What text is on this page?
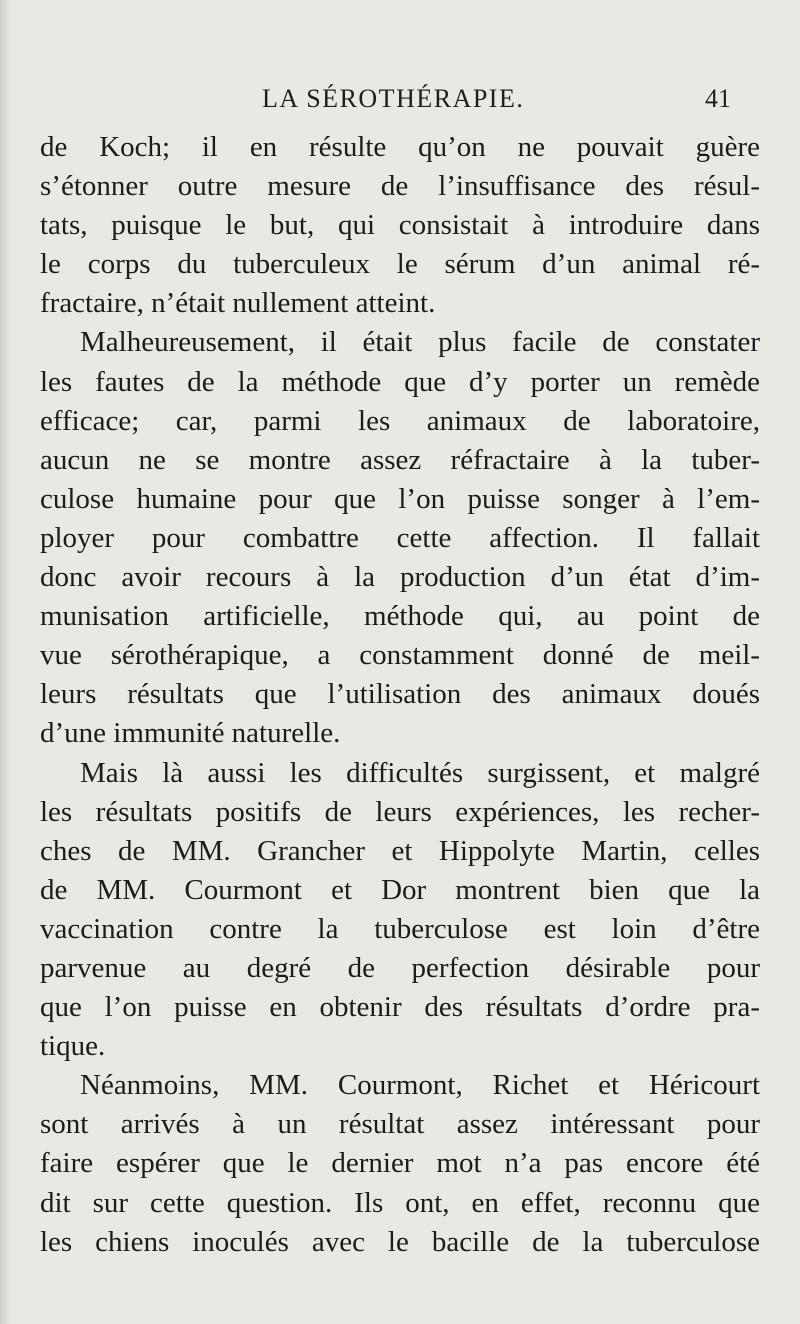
LA SÉROTHÉRAPIE.	41
de Koch; il en résulte qu’on ne pouvait guère
s’étonner outre mesure de l’insuffisance des résul-
tats, puisque le but, qui consistait à introduire dans
le corps du tuberculeux le sérum d’un animal ré-
fractaire, n’était nullement atteint.
Malheureusement, il était plus facile de constater
les fautes de la méthode que d’y porter un remède
efficace; car, parmi les animaux de laboratoire,
aucun ne se montre assez réfractaire à la tuber-
culose humaine pour que l’on puisse songer à l’em-
ployer pour combattre cette affection. Il fallait
donc avoir recours à la production d’un état d’im-
munisation artificielle, méthode qui, au point de
vue sérothérapique, a constamment donné de meil-
leurs résultats que l’utilisation des animaux doués
d’une immunité naturelle.
Mais là aussi les difficultés surgissent, et malgré
les résultats positifs de leurs expériences, les recher-
ches de MM. Grancher et Hippolyte Martin, celles
de MM. Courmont et Dor montrent bien que la
vaccination contre la tuberculose est loin d’être
parvenue au degré de perfection désirable pour
que l’on puisse en obtenir des résultats d’ordre pra-
tique.
Néanmoins, MM. Courmont, Richet et Héricourt
sont arrivés à un résultat assez intéressant pour
faire espérer que le dernier mot n’a pas encore été
dit sur cette question. Ils ont, en effet, reconnu que
les chiens inoculés avec le bacille de la tuberculose
